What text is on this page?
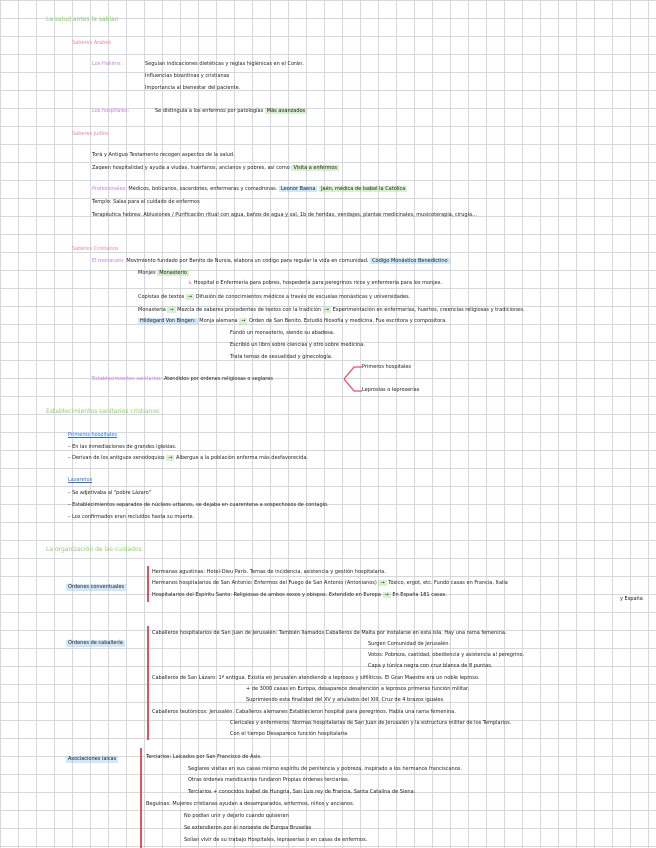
La salud antes la sabían
Saberes Árabes
Los Hakims:	Seguían indicaciones dietéticas y reglas higiénicas en el Corán.
Influencias bizantinas y cristianas
Importancia al bienestar del paciente.
Los hospitales:	Se distinguía a los enfermos por patologías Más avanzados
Saberes Judíos
Torá y Antiguo Testamento recogen aspectos de la salud.
Zaqeen hospitalidad y ayuda a viudas, huérfanos, ancianos y pobres, así como Visita a enfermos
Profesionales: Médicos, boticarios, sacerdotes, enfermeras y comadronas. Leonor Baena Jaén, médica de Isabel la Católica
Templo: Salas para el cuidado de enfermos
Terapéutica hebrea: Ablusiones / Purificación ritual con agua, baños de agua y sal, 1b de heridas, vendajes, plantas medicinales, musicoterapia, cirugía...
Saberes Cristianos
El monacato: Movimiento fundado por Benito de Nursia, elabora un código para regular la vida en comunidad. Código Monástico Benedictino
Monjes Monasterio
↳ Hospital o Enfermería para pobres, hospedería para peregrinos ricos y enfermería para los monjes.
Copistas de textos → Difusión de conocimientos médicos a través de escuelas monásticas y universidades.
Monasteria → Mezcla de saberes procedentes de textos con la tradición → Experimentación en enfermerías, huertos, creencias religiosas y tradiciones.
Hildegard Von Bingen: Monja alemana → Orden de San Benito. Estudió filosofía y medicina. Fue escritora y compositora.
Fundó un monasterio, siendo su abadesa.
Escribió un libro sobre ciencias y otro sobre medicina.
Trata temas de sexualidad y ginecología.
Establecimientos sanitarios: Atendidos por órdenes religiosas o seglares
Primeros hospitales
Leprosías o leproserías
Establecimientos sanitarios cristianos
Primeros hospitales
– En las inmediaciones de grandes iglesias.
– Derivan de los antiguos xenodoquios → Albergue a la población enferma más desfavorecida.
Lazaretos
– Se adjetivaba al "pobre Lázaro"
– Establecimientos separados de núcleos urbanos, se dejaba en cuarentena a sospechosos de contagio.
– Los confirmados eran recluidos hasta su muerte.
La organización de las cuidados
Órdenes conventuales
Hermanas agustinas: Hotel-Dieu París. Temas de incidencia, asistencia y gestión hospitalaria.
Hermanos hospitalarios de San Antonio: Enfermos del Fuego de San Antonio (Antonianos) → Tóxico, ergot, etc. Fundó casas en Francia, Italia
Hospitalarios del Espíritu Santo: Religiosas de ambos sexos y obispos. Extendido en Europa → En España 181 casas.
y España
Órdenes de caballería
Caballeros hospitalarios de San Juan de Jerusalén: También llamados Caballeros de Malta por instalarse en esta isla. Hay una rama femenina.
Surgen Comunidad de Jerusalén.
Votos: Pobreza, castidad, obediencia y asistencia al peregrino.
Capa y túnica negra con cruz blanca de 8 puntas.
Caballeros de San Lázaro: 1ª antigua. Existía en Jerusalén atendiendo a leprosos y sifilíticos. El Gran Maestre era un noble leproso.
+ de 3000 casas en Europa, desaparece desatención a leprosos primeras función militar.
Suprimiendo esta finalidad del XV y anulados del XIII. Cruz de 4 brazos iguales.
Caballeros teutónicos: Jerusalén. Caballeros alemanes Establecieron hospital para peregrinos. Había una rama femenina.
Clericales y enfermeros: Normas hospitalarias de San Juan de Jerusalén y la estructura militar de los Templarios.
Con el tiempo Desaparece función hospitalaria
Asociaciones laicas	Terciarios: Laicados por San Francisco de Asís.
Seglares visitas en sus casas mismo espíritu de penitencia y pobreza, inspirado a los hermanos franciscanos.
Otras órdenes mendicantes fundaron Propias órdenes terciarias.
Terciarios + conocidos Isabel de Hungría, San Luis rey de Francia, Santa Catalina de Siena.
Beguinas: Mujeres cristianas ayudan a desamparados, enfermos, niños y ancianos.
No podían unir y dejarlo cuando quisieran
Se extendieron por el noroeste de Europa Bruselas
Solían vivir de su trabajo Hospitales, lepraserías o en casas de enfermos.
